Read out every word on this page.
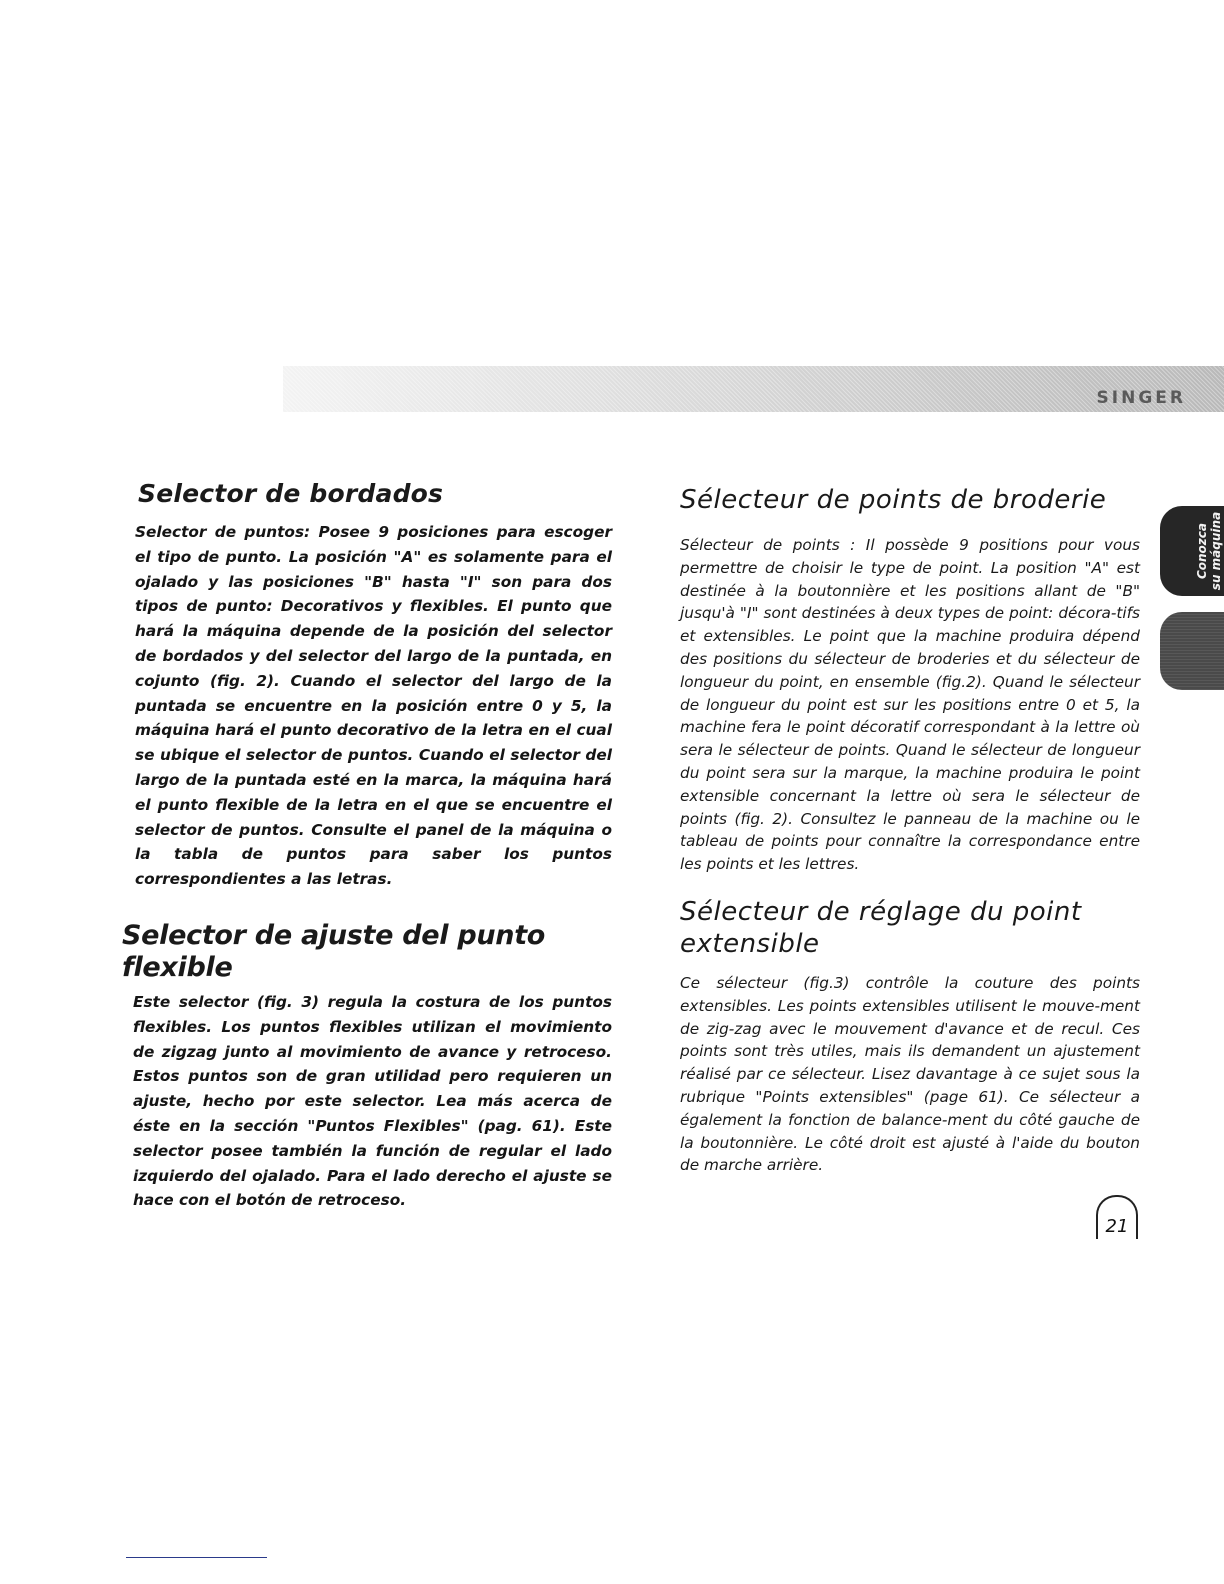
SINGER
Conozca su máquina
Selector de bordados

Selector de puntos: Posee 9 posiciones para escoger el tipo de punto. La posición "A" es solamente para el ojalado y las posiciones "B" hasta "I" son para dos tipos de punto: Decorativos y flexibles. El punto que hará la máquina depende de la posición del selector de bordados y del selector del largo de la puntada, en cojunto (fig. 2). Cuando el selector del largo de la puntada se encuentre en la posición entre 0 y 5, la máquina hará el punto decorativo de la letra en el cual se ubique el selector de puntos. Cuando el selector del largo de la puntada esté en la marca, la máquina hará el punto flexible de la letra en el que se encuentre el selector de puntos. Consulte el panel de la máquina o la tabla de puntos para saber los puntos correspondientes a las letras.

Selector de ajuste del punto flexible

Este selector (fig. 3) regula la costura de los puntos flexibles. Los puntos flexibles utilizan el movimiento de zigzag junto al movimiento de avance y retroceso. Estos puntos son de gran utilidad pero requieren un ajuste, hecho por este selector. Lea más acerca de éste en la sección "Puntos Flexibles" (pag. 61). Este selector posee también la función de regular el lado izquierdo del ojalado. Para el lado derecho el ajuste se hace con el botón de retroceso.

Sélecteur de points de broderie

Sélecteur de points : Il possède 9 positions pour vous permettre de choisir le type de point. La position "A" est destinée à la boutonnière et les positions allant de "B" jusqu'à "I" sont destinées à deux types de point: décora-tifs et extensibles. Le point que la machine produira dépend des positions du sélecteur de broderies et du sélecteur de longueur du point, en ensemble (fig.2). Quand le sélecteur de longueur du point est sur les positions entre 0 et 5, la machine fera le point décoratif correspondant à la lettre où sera le sélecteur de points. Quand le sélecteur de longueur du point sera sur la marque, la machine produira le point extensible concernant la lettre où sera le sélecteur de points (fig. 2). Consultez le panneau de la machine ou le tableau de points pour connaître la correspondance entre les points et les lettres.

Sélecteur de réglage du point extensible

Ce sélecteur (fig.3) contrôle la couture des points extensibles. Les points extensibles utilisent le mouve-ment de zig-zag avec le mouvement d'avance et de recul. Ces points sont très utiles, mais ils demandent un ajustement réalisé par ce sélecteur. Lisez davantage à ce sujet sous la rubrique "Points extensibles" (page 61). Ce sélecteur a également la fonction de balance-ment du côté gauche de la boutonnière. Le côté droit est ajusté à l'aide du bouton de marche arrière.

21
